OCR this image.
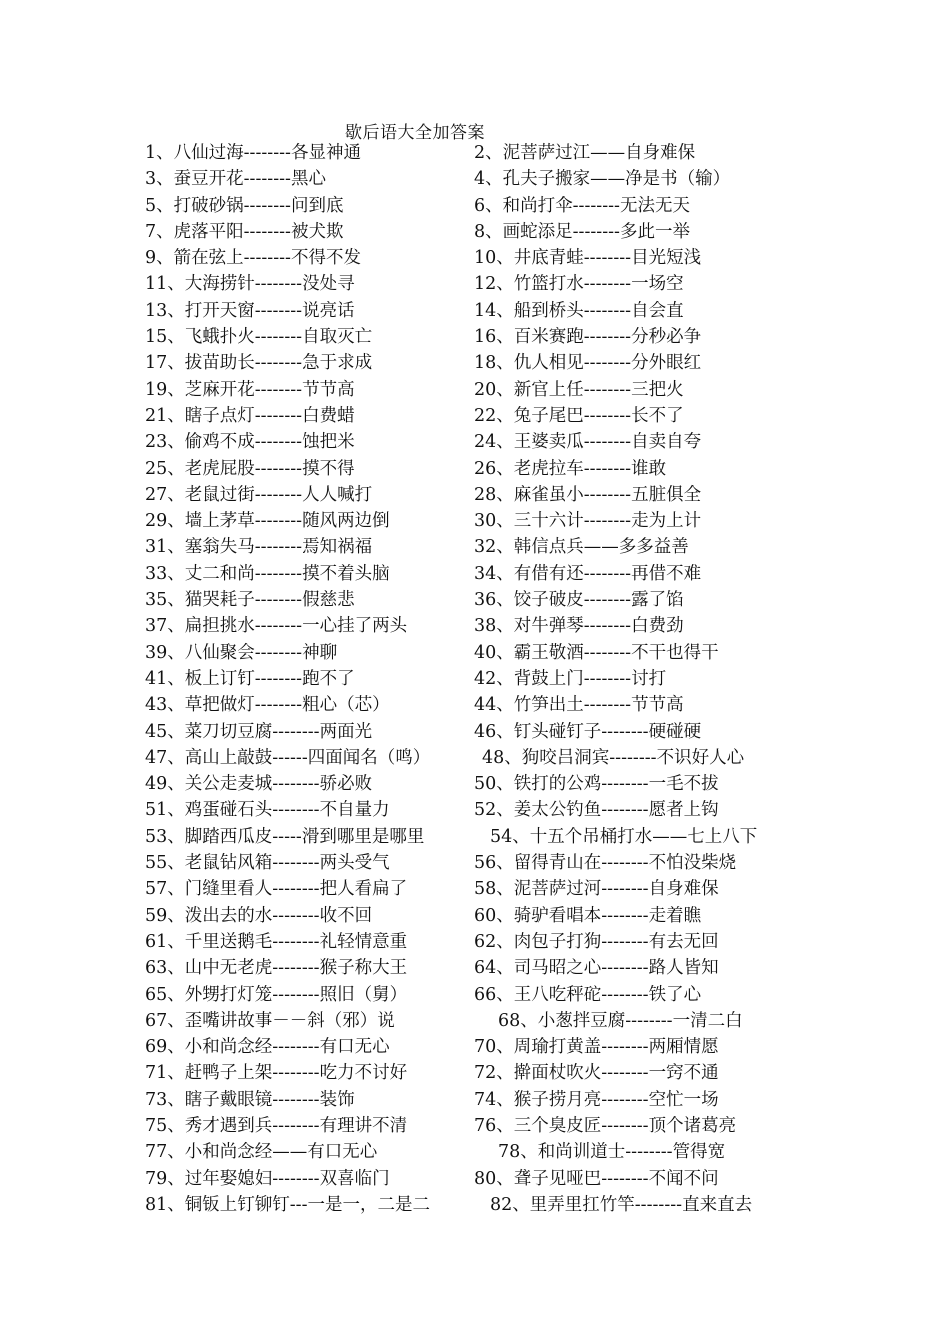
歇后语大全加答案
1、八仙过海--------各显神通	2、泥菩萨过江——自身难保
3、蚕豆开花--------黑心	4、孔夫子搬家——净是书（输）
5、打破砂锅--------问到底	6、和尚打伞--------无法无天
7、虎落平阳--------被犬欺	8、画蛇添足--------多此一举
9、箭在弦上--------不得不发	10、井底青蛙--------目光短浅
11、大海捞针--------没处寻	12、竹篮打水--------一场空
13、打开天窗--------说亮话	14、船到桥头--------自会直
15、飞蛾扑火--------自取灭亡	16、百米赛跑--------分秒必争
17、拔苗助长--------急于求成	18、仇人相见--------分外眼红
19、芝麻开花--------节节高	20、新官上任--------三把火
21、瞎子点灯--------白费蜡	22、兔子尾巴--------长不了
23、偷鸡不成--------蚀把米	24、王婆卖瓜--------自卖自夸
25、老虎屁股--------摸不得	26、老虎拉车--------谁敢
27、老鼠过街--------人人喊打	28、麻雀虽小--------五脏俱全
29、墙上茅草--------随风两边倒	30、三十六计--------走为上计
31、塞翁失马--------焉知祸福	32、韩信点兵——多多益善
33、丈二和尚--------摸不着头脑	34、有借有还--------再借不难
35、猫哭耗子--------假慈悲	36、饺子破皮--------露了馅
37、扁担挑水--------一心挂了两头	38、对牛弹琴--------白费劲
39、八仙聚会--------神聊	40、霸王敬酒--------不干也得干
41、板上订钉--------跑不了	42、背鼓上门--------讨打
43、草把做灯--------粗心（芯）	44、竹笋出土--------节节高
45、菜刀切豆腐--------两面光	46、钉头碰钉子--------硬碰硬
47、高山上敲鼓------四面闻名（鸣）	48、狗咬吕洞宾--------不识好人心
49、关公走麦城--------骄必败	50、铁打的公鸡--------一毛不拔
51、鸡蛋碰石头--------不自量力	52、姜太公钓鱼--------愿者上钩
53、脚踏西瓜皮-----滑到哪里是哪里	54、十五个吊桶打水——七上八下
55、老鼠钻风箱--------两头受气	56、留得青山在--------不怕没柴烧
57、门缝里看人--------把人看扁了	58、泥菩萨过河--------自身难保
59、泼出去的水--------收不回	60、骑驴看唱本--------走着瞧
61、千里送鹅毛--------礼轻情意重	62、肉包子打狗--------有去无回
63、山中无老虎--------猴子称大王	64、司马昭之心--------路人皆知
65、外甥打灯笼--------照旧（舅）	66、王八吃秤砣--------铁了心
67、歪嘴讲故事－－斜（邪）说	68、小葱拌豆腐--------一清二白
69、小和尚念经--------有口无心	70、周瑜打黄盖--------两厢情愿
71、赶鸭子上架--------吃力不讨好	72、擀面杖吹火--------一窍不通
73、瞎子戴眼镜--------装饰	74、猴子捞月亮--------空忙一场
75、秀才遇到兵--------有理讲不清	76、三个臭皮匠--------顶个诸葛亮
77、小和尚念经——有口无心	78、和尚训道士--------管得宽
79、过年娶媳妇--------双喜临门	80、聋子见哑巴--------不闻不问
81、铜钣上钉铆钉---一是一，二是二	82、里弄里扛竹竿--------直来直去
